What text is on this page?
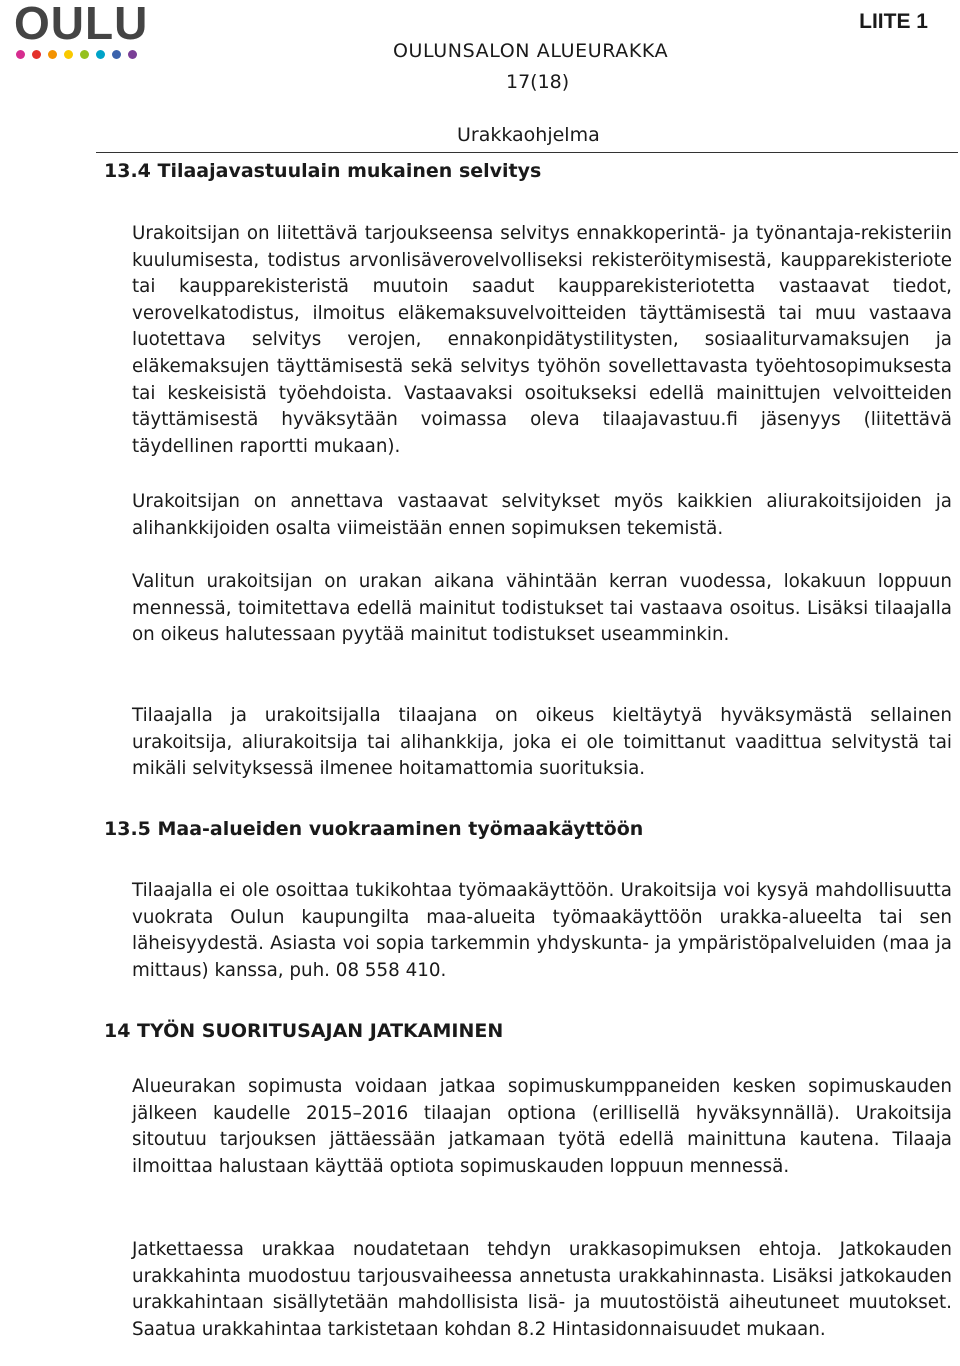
OULU	LIITE 1
OULUNSALON ALUEURAKKA
17(18)
Urakkaohjelma
13.4 Tilaajavastuulain mukainen selvitys

Urakoitsijan on liitettävä tarjoukseensa selvitys ennakkoperintä- ja työnantaja-rekisteriin kuulumisesta, todistus arvonlisäverovelvolliseksi rekisteröitymisestä, kaupparekisteriote tai kaupparekisteristä muutoin saadut kaupparekisteriotetta vastaavat tiedot, verovelkatodistus, ilmoitus eläkemaksuvelvoitteiden täyttämisestä tai muu vastaava luotettava selvitys verojen, ennakonpidätystilitysten, sosiaaliturvamaksujen ja eläkemaksujen täyttämisestä sekä selvitys työhön sovellettavasta työehtosopimuksesta tai keskeisistä työehdoista. Vastaavaksi osoitukseksi edellä mainittujen velvoitteiden täyttämisestä hyväksytään voimassa oleva tilaajavastuu.fi jäsenyys (liitettävä täydellinen raportti mukaan).

Urakoitsijan on annettava vastaavat selvitykset myös kaikkien aliurakoitsijoiden ja alihankkijoiden osalta viimeistään ennen sopimuksen tekemistä.

Valitun urakoitsijan on urakan aikana vähintään kerran vuodessa, lokakuun loppuun mennessä, toimitettava edellä mainitut todistukset tai vastaava osoitus. Lisäksi tilaajalla on oikeus halutessaan pyytää mainitut todistukset useamminkin.

Tilaajalla ja urakoitsijalla tilaajana on oikeus kieltäytyä hyväksymästä sellainen urakoitsija, aliurakoitsija tai alihankkija, joka ei ole toimittanut vaadittua selvitystä tai mikäli selvityksessä ilmenee hoitamattomia suorituksia.

13.5 Maa-alueiden vuokraaminen työmaakäyttöön

Tilaajalla ei ole osoittaa tukikohtaa työmaakäyttöön. Urakoitsija voi kysyä mahdollisuutta vuokrata Oulun kaupungilta maa-alueita työmaakäyttöön urakka-alueelta tai sen läheisyydestä. Asiasta voi sopia tarkemmin yhdyskunta- ja ympäristöpalveluiden (maa ja mittaus) kanssa, puh. 08 558 410.

14 TYÖN SUORITUSAJAN JATKAMINEN

Alueurakan sopimusta voidaan jatkaa sopimuskumppaneiden kesken sopimuskauden jälkeen kaudelle 2015–2016 tilaajan optiona (erillisellä hyväksynnällä). Urakoitsija sitoutuu tarjouksen jättäessään jatkamaan työtä edellä mainittuna kautena. Tilaaja ilmoittaa halustaan käyttää optiota sopimuskauden loppuun mennessä.

Jatkettaessa urakkaa noudatetaan tehdyn urakkasopimuksen ehtoja. Jatkokauden urakkahinta muodostuu tarjousvaiheessa annetusta urakkahinnasta. Lisäksi jatkokauden urakkahintaan sisällytetään mahdollisista lisä- ja muutostöistä aiheutuneet muutokset. Saatua urakkahintaa tarkistetaan kohdan 8.2 Hintasidonnaisuudet mukaan.
